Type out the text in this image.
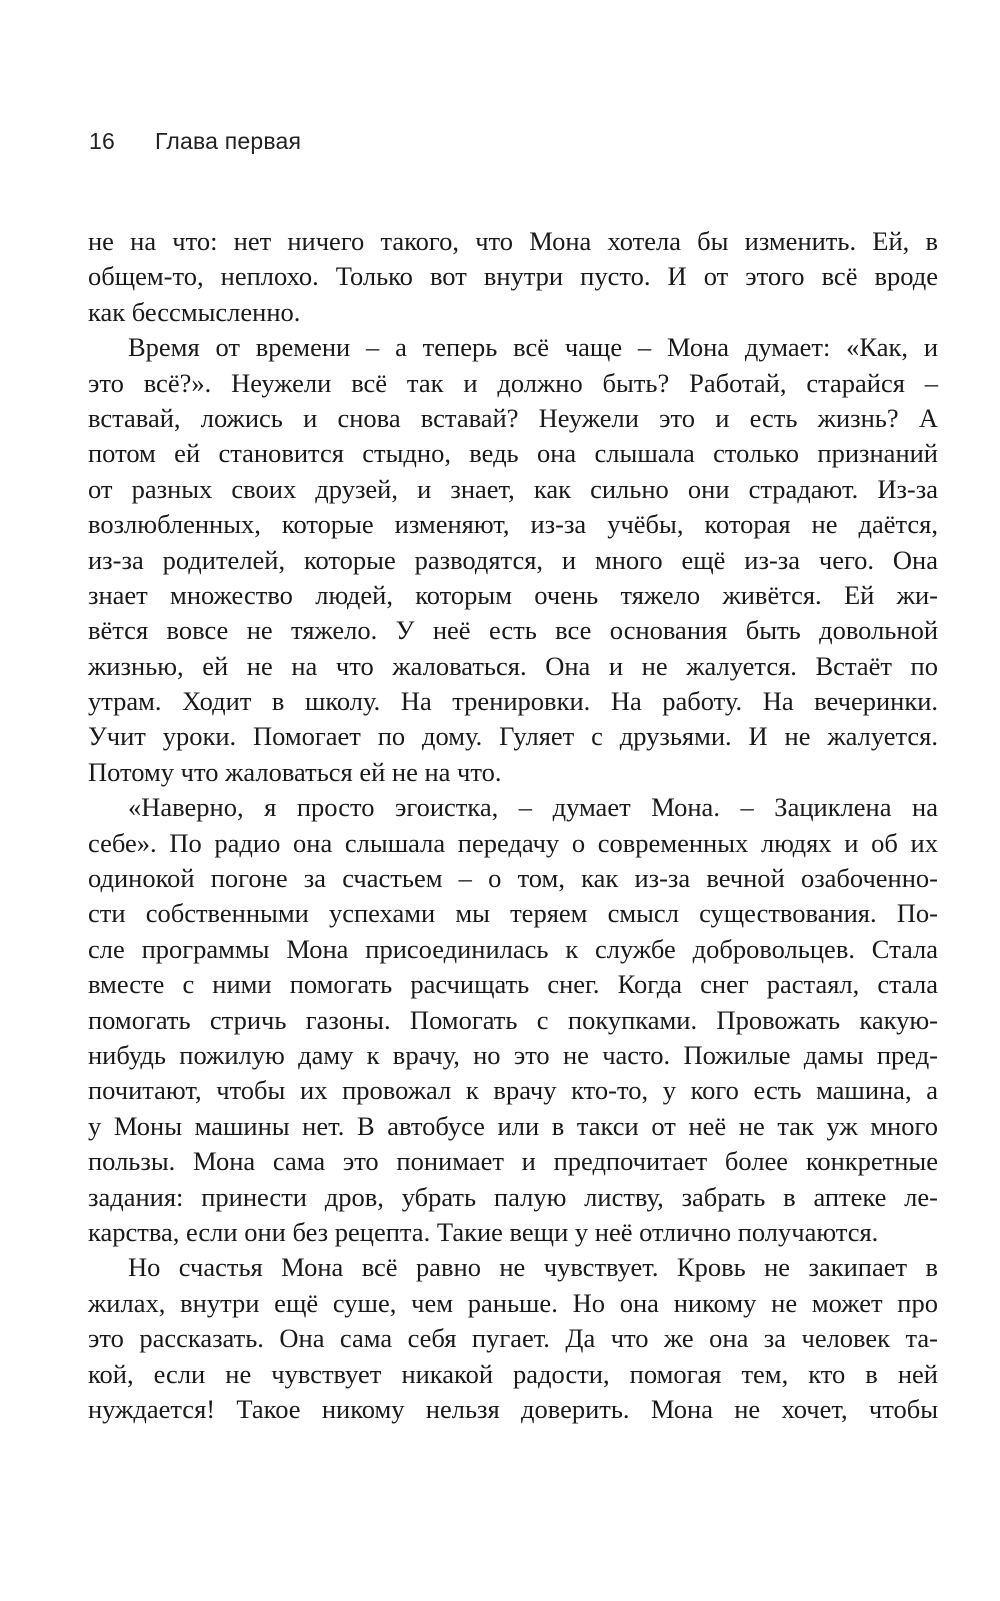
16 Глава первая
не на что: нет ничего такого, что Мона хотела бы изменить. Ей, в
общем-то, неплохо. Только вот внутри пусто. И от этого всё вроде
как бессмысленно.
Время от времени – а теперь всё чаще – Мона думает: «Как, и
это всё?». Неужели всё так и должно быть? Работай, старайся –
вставай, ложись и снова вставай? Неужели это и есть жизнь? А
потом ей становится стыдно, ведь она слышала столько признаний
от разных своих друзей, и знает, как сильно они страдают. Из-за
возлюбленных, которые изменяют, из-за учёбы, которая не даётся,
из-за родителей, которые разводятся, и много ещё из-за чего. Она
знает множество людей, которым очень тяжело живётся. Ей жи-
вётся вовсе не тяжело. У неё есть все основания быть довольной
жизнью, ей не на что жаловаться. Она и не жалуется. Встаёт по
утрам. Ходит в школу. На тренировки. На работу. На вечеринки.
Учит уроки. Помогает по дому. Гуляет с друзьями. И не жалуется.
Потому что жаловаться ей не на что.
«Наверно, я просто эгоистка, – думает Мона. – Зациклена на
себе». По радио она слышала передачу о современных людях и об их
одинокой погоне за счастьем – о том, как из-за вечной озабоченно-
сти собственными успехами мы теряем смысл существования. По-
сле программы Мона присоединилась к службе добровольцев. Стала
вместе с ними помогать расчищать снег. Когда снег растаял, стала
помогать стричь газоны. Помогать с покупками. Провожать какую-
нибудь пожилую даму к врачу, но это не часто. Пожилые дамы пред-
почитают, чтобы их провожал к врачу кто-то, у кого есть машина, а
у Моны машины нет. В автобусе или в такси от неё не так уж много
пользы. Мона сама это понимает и предпочитает более конкретные
задания: принести дров, убрать палую листву, забрать в аптеке ле-
карства, если они без рецепта. Такие вещи у неё отлично получаются.
Но счастья Мона всё равно не чувствует. Кровь не закипает в
жилах, внутри ещё суше, чем раньше. Но она никому не может про
это рассказать. Она сама себя пугает. Да что же она за человек та-
кой, если не чувствует никакой радости, помогая тем, кто в ней
нуждается! Такое никому нельзя доверить. Мона не хочет, чтобы
